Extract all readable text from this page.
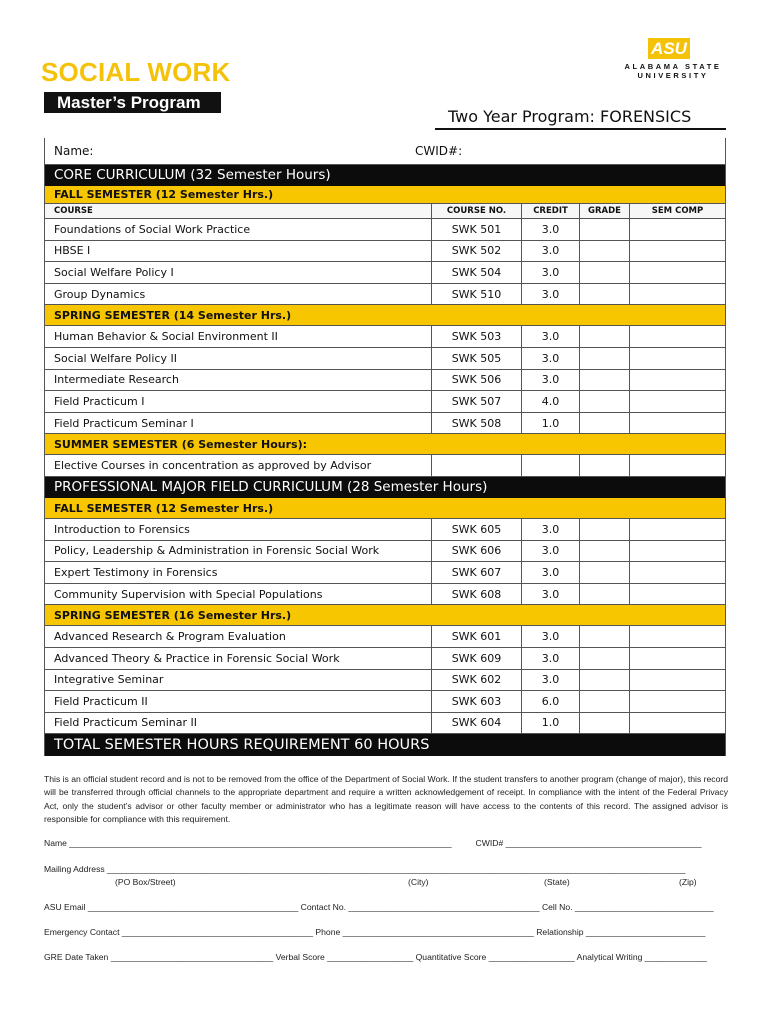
SOCIAL WORK
Master’s Program
ASU
ALABAMA STATE
UNIVERSITY
Two Year Program: FORENSICS
Name:	CWID#:
CORE CURRICULUM (32 Semester Hours)
FALL SEMESTER (12 Semester Hrs.)
COURSE	COURSE NO.	CREDIT	GRADE	SEM COMP
Foundations of Social Work Practice	SWK 501	3.0
HBSE I	SWK 502	3.0
Social Welfare Policy I	SWK 504	3.0
Group Dynamics	SWK 510	3.0
SPRING SEMESTER (14 Semester Hrs.)
Human Behavior & Social Environment II	SWK 503	3.0
Social Welfare Policy II	SWK 505	3.0
Intermediate Research	SWK 506	3.0
Field Practicum I	SWK 507	4.0
Field Practicum Seminar I	SWK 508	1.0
SUMMER SEMESTER (6 Semester Hours):
Elective Courses in concentration as approved by Advisor
PROFESSIONAL MAJOR FIELD CURRICULUM (28 Semester Hours)
FALL SEMESTER (12 Semester Hrs.)
Introduction to Forensics	SWK 605	3.0
Policy, Leadership & Administration in Forensic Social Work	SWK 606	3.0
Expert Testimony in Forensics	SWK 607	3.0
Community Supervision with Special Populations	SWK 608	3.0
SPRING SEMESTER (16 Semester Hrs.)
Advanced Research & Program Evaluation	SWK 601	3.0
Advanced Theory & Practice in Forensic Social Work	SWK 609	3.0
Integrative Seminar	SWK 602	3.0
Field Practicum II	SWK 603	6.0
Field Practicum Seminar II	SWK 604	1.0
TOTAL SEMESTER HOURS REQUIREMENT 60 HOURS
This is an official student record and is not to be removed from the office of the Department of Social Work. If the student transfers to another program (change of major), this record will be transferred through official channels to the appropriate department and require a written acknowledgement of receipt. In compliance with the intent of the Federal Privacy Act, only the student’s advisor or other faculty member or administrator who has a legitimate reason will have access to the contents of this record. The assigned advisor is responsible for compliance with this requirement.
Name ________________________________________________________________________________          CWID# _________________________________________
Mailing Address _________________________________________________________________________________________________________________________
(PO Box/Street)	(City)	(State)	(Zip)
ASU Email ____________________________________________ Contact No. ________________________________________ Cell No. _____________________________
Emergency Contact ________________________________________ Phone ________________________________________ Relationship _________________________
GRE Date Taken __________________________________ Verbal Score __________________ Quantitative Score __________________ Analytical Writing _____________
